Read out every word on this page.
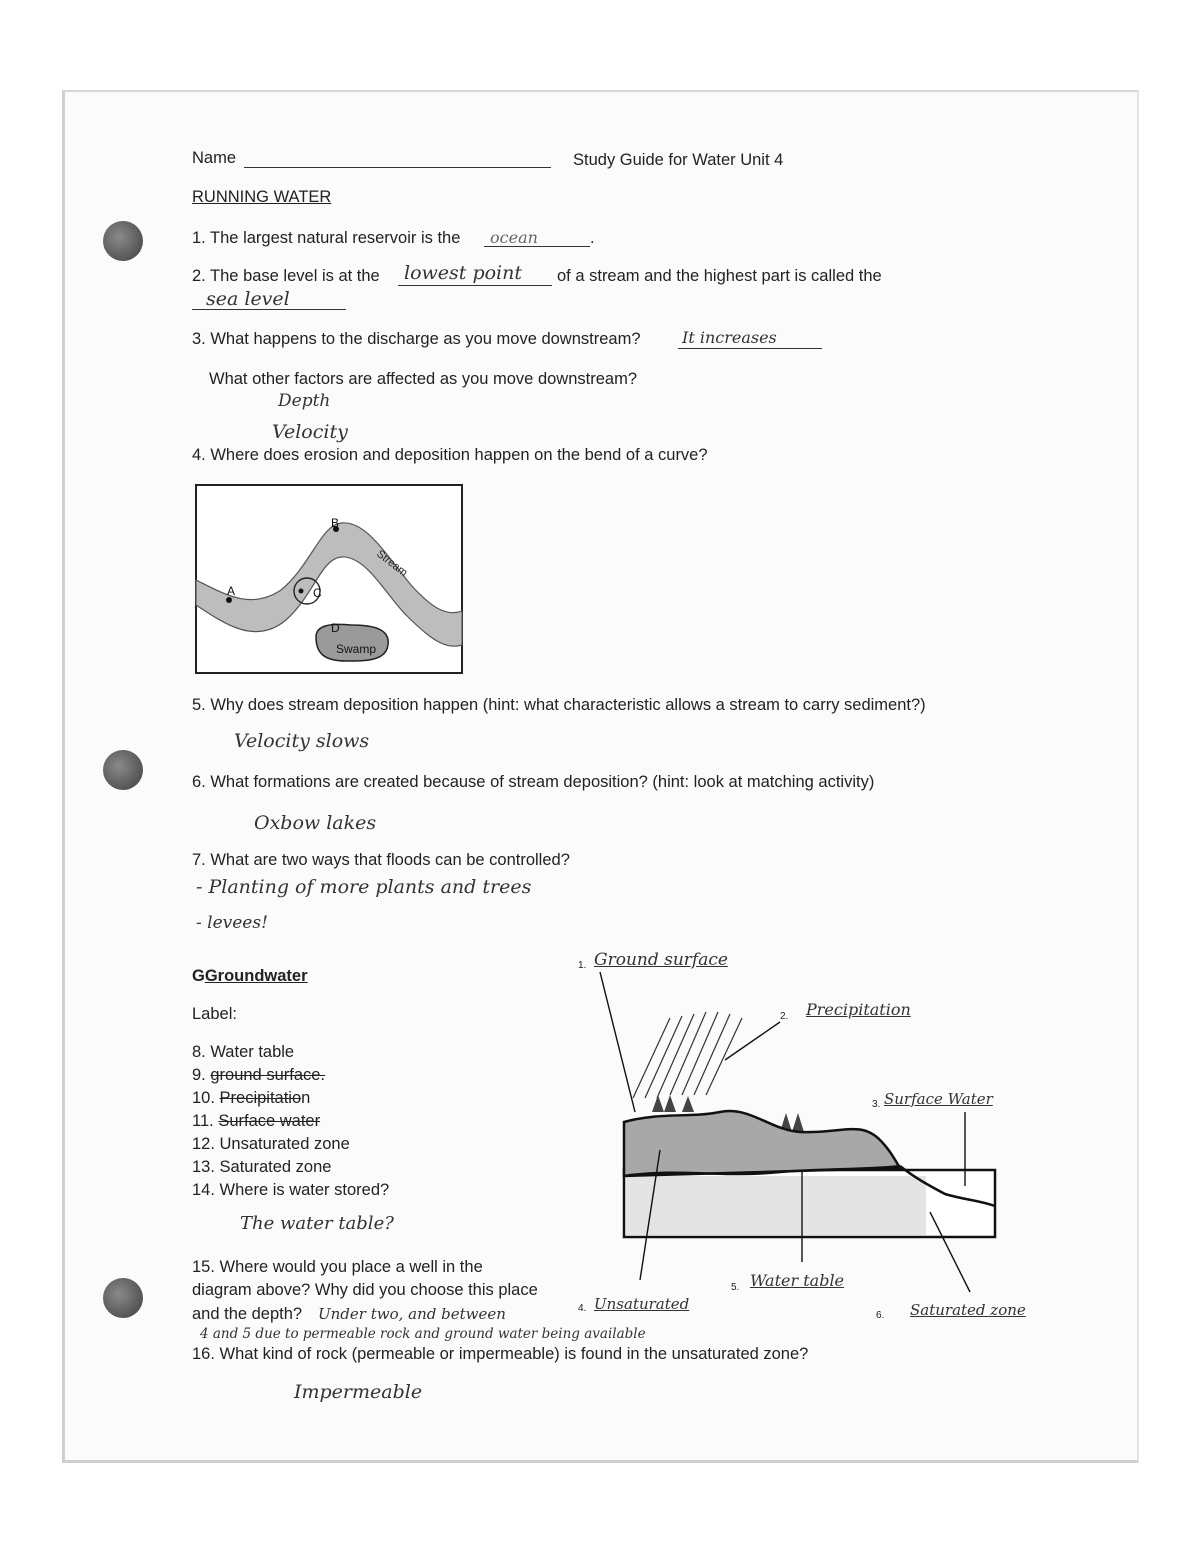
Name	Study Guide for Water Unit 4
RUNNING WATER
1. The largest natural reservoir is the ocean	.
2. The base level is at the lowest point of a stream and the highest part is called the
sea level
3. What happens to the discharge as you move downstream?	It increases
What other factors are affected as you move downstream?
Depth
Velocity
4. Where does erosion and deposition happen on the bend of a curve?
B
A	C
D
Stream
Swamp
5. Why does stream deposition happen (hint: what characteristic allows a stream to carry sediment?)
Velocity slows
6. What formations are created because of stream deposition? (hint: look at matching activity)
Oxbow lakes
7. What are two ways that floods can be controlled?
- Planting of more plants and trees
- levees!
GGroundwater
Label:
8. Water table
9. ground surface.
10. Precipitation
11. Surface water
12. Unsaturated zone
13. Saturated zone
14. Where is water stored?
The water table?
15. Where would you place a well in the
diagram above? Why did you choose this place
and the depth? Under two, and between
4 and 5 due to permeable rock and ground water being available
16. What kind of rock (permeable or impermeable) is found in the unsaturated zone?
Impermeable
1. Ground surface
2. Precipitation
3. Surface Water
4. Unsaturated
5. Water table
6. Saturated zone
